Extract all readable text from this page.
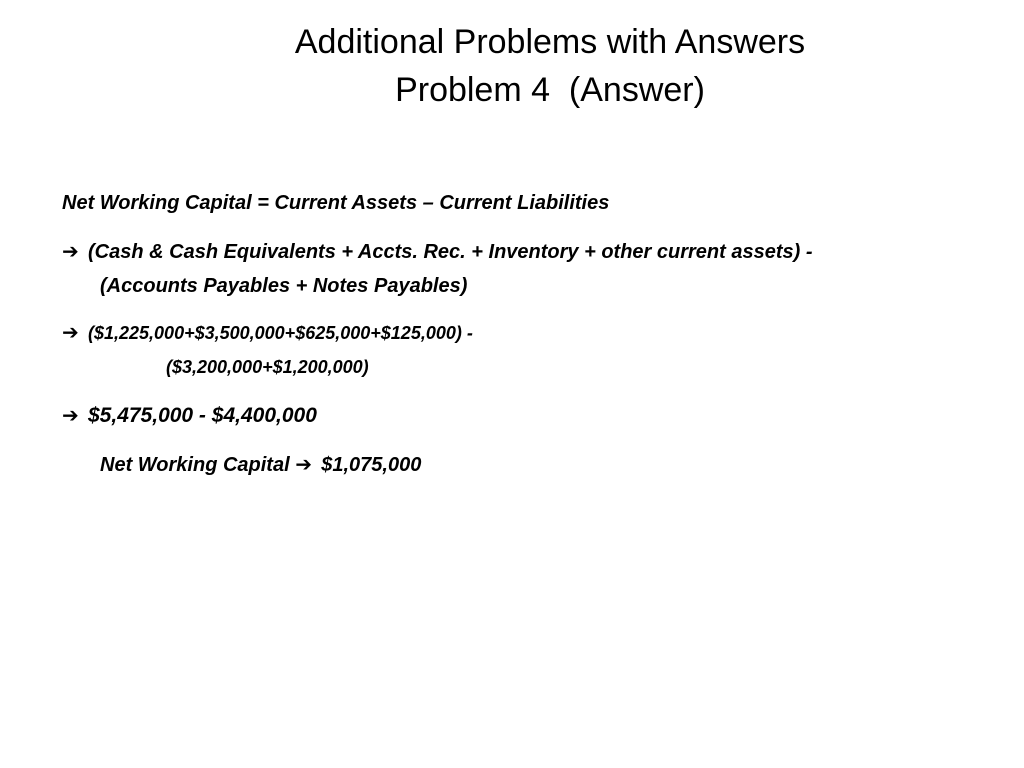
Additional Problems with Answers
Problem 4  (Answer)
Net Working Capital = Current Assets – Current Liabilities
➔ (Cash & Cash Equivalents + Accts. Rec. + Inventory + other current assets) -
(Accounts Payables + Notes Payables)
➔ ($1,225,000+$3,500,000+$625,000+$125,000) -
($3,200,000+$1,200,000)
➔ $5,475,000 - $4,400,000
Net Working Capital ➔ $1,075,000
